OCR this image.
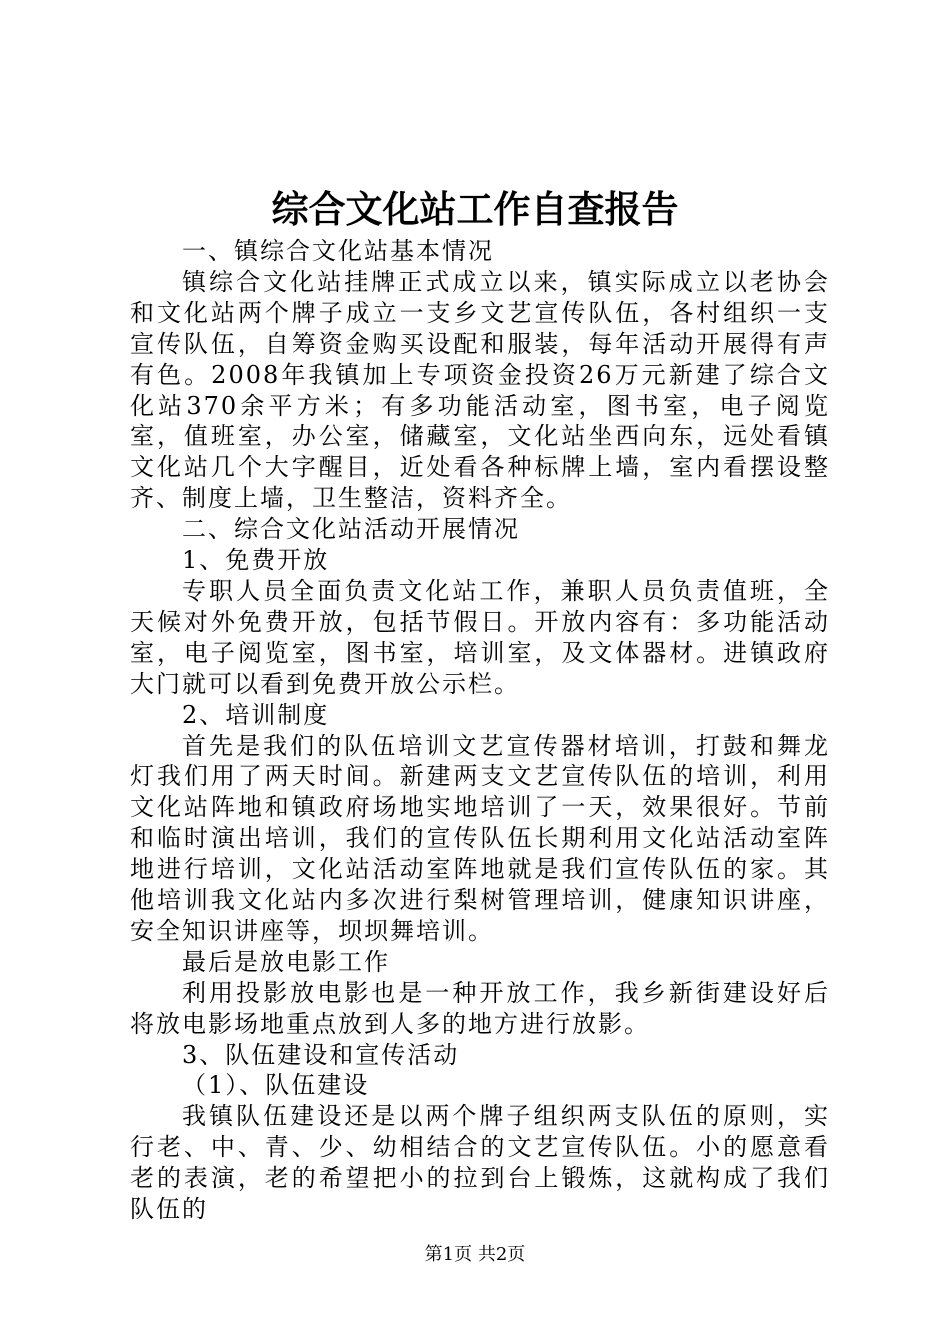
综合文化站工作自查报告

一、镇综合文化站基本情况

镇综合文化站挂牌正式成立以来，镇实际成立以老协会和文化站两个牌子成立一支乡文艺宣传队伍，各村组织一支宣传队伍，自筹资金购买设配和服装，每年活动开展得有声有色。2008年我镇加上专项资金投资26万元新建了综合文化站370余平方米；有多功能活动室，图书室，电子阅览室，值班室，办公室，储藏室，文化站坐西向东，远处看镇文化站几个大字醒目，近处看各种标牌上墙，室内看摆设整齐、制度上墙，卫生整洁，资料齐全。

二、综合文化站活动开展情况

1、免费开放

专职人员全面负责文化站工作，兼职人员负责值班，全天候对外免费开放，包括节假日。开放内容有：多功能活动室，电子阅览室，图书室，培训室，及文体器材。进镇政府大门就可以看到免费开放公示栏。

2、培训制度

首先是我们的队伍培训文艺宣传器材培训，打鼓和舞龙灯我们用了两天时间。新建两支文艺宣传队伍的培训，利用文化站阵地和镇政府场地实地培训了一天，效果很好。节前和临时演出培训，我们的宣传队伍长期利用文化站活动室阵地进行培训，文化站活动室阵地就是我们宣传队伍的家。其他培训我文化站内多次进行梨树管理培训，健康知识讲座，安全知识讲座等，坝坝舞培训。

最后是放电影工作

利用投影放电影也是一种开放工作，我乡新街建设好后将放电影场地重点放到人多的地方进行放影。

3、队伍建设和宣传活动

（1）、队伍建设

我镇队伍建设还是以两个牌子组织两支队伍的原则，实行老、中、青、少、幼相结合的文艺宣传队伍。小的愿意看老的表演，老的希望把小的拉到台上锻炼，这就构成了我们队伍的

第1页 共2页
